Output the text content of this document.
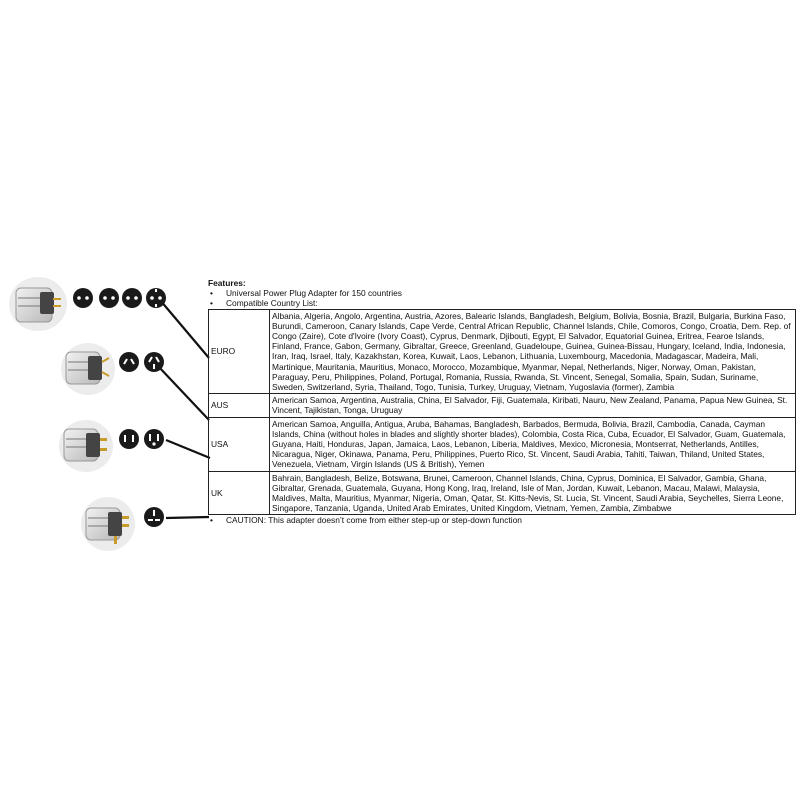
Features:
• Universal Power Plug Adapter for 150 countries
• Compatible Country List:
EURO	Albania, Algeria, Angolo, Argentina, Austria, Azores, Balearic Islands, Bangladesh, Belgium, Bolivia, Bosnia, Brazil, Bulgaria, Burkina Faso, Burundi, Cameroon, Canary Islands, Cape Verde, Central African Republic, Channel Islands, Chile, Comoros, Congo, Croatia, Dem. Rep. of Congo (Zaire), Cote d'Ivoire (Ivory Coast), Cyprus, Denmark, Djibouti, Egypt, El Salvador, Equatorial Guinea, Eritrea, Fearoe Islands, Finland, France, Gabon, Germany, Gibraltar, Greece, Greenland, Guadeloupe, Guinea, Guinea-Bissau, Hungary, Iceland, India, Indonesia, Iran, Iraq, Israel, Italy, Kazakhstan, Korea, Kuwait, Laos, Lebanon, Lithuania, Luxembourg, Macedonia, Madagascar, Madeira, Mali, Martinique, Mauritania, Mauritius, Monaco, Morocco, Mozambique, Myanmar, Nepal, Netherlands, Niger, Norway, Oman, Pakistan, Paraguay, Peru, Philippines, Poland, Portugal, Romania, Russia, Rwanda, St. Vincent, Senegal, Somalia, Spain, Sudan, Suriname, Sweden, Switzerland, Syria, Thailand, Togo, Tunisia, Turkey, Uruguay, Vietnam, Yugoslavia (former), Zambia
AUS	American Samoa, Argentina, Australia, China, El Salvador, Fiji, Guatemala, Kiribati, Nauru, New Zealand, Panama, Papua New Guinea, St. Vincent, Tajikistan, Tonga, Uruguay
USA	American Samoa, Anguilla, Antigua, Aruba, Bahamas, Bangladesh, Barbados, Bermuda, Bolivia, Brazil, Cambodia, Canada, Cayman Islands, China (without holes in blades and slightly shorter blades), Colombia, Costa Rica, Cuba, Ecuador, El Salvador, Guam, Guatemala, Guyana, Haiti, Honduras, Japan, Jamaica, Laos, Lebanon, Liberia, Maldives, Mexico, Micronesia, Montserrat, Netherlands, Antilles, Nicaragua, Niger, Okinawa, Panama, Peru, Philippines, Puerto Rico, St. Vincent, Saudi Arabia, Tahiti, Taiwan, Thiland, United States, Venezuela, Vietnam, Virgin Islands (US & British), Yemen
UK	Bahrain, Bangladesh, Belize, Botswana, Brunei, Cameroon, Channel Islands, China, Cyprus, Dominica, El Salvador, Gambia, Ghana, Gibraltar, Grenada, Guatemala, Guyana, Hong Kong, Iraq, Ireland, Isle of Man, Jordan, Kuwait, Lebanon, Macau, Malawi, Malaysia, Maldives, Malta, Mauritius, Myanmar, Nigeria, Oman, Qatar, St. Kitts-Nevis, St. Lucia, St. Vincent, Saudi Arabia, Seychelles, Sierra Leone, Singapore, Tanzania, Uganda, United Arab Emirates, United Kingdom, Vietnam, Yemen, Zambia, Zimbabwe
• CAUTION: This adapter doesn’t come from either step-up or step-down function
